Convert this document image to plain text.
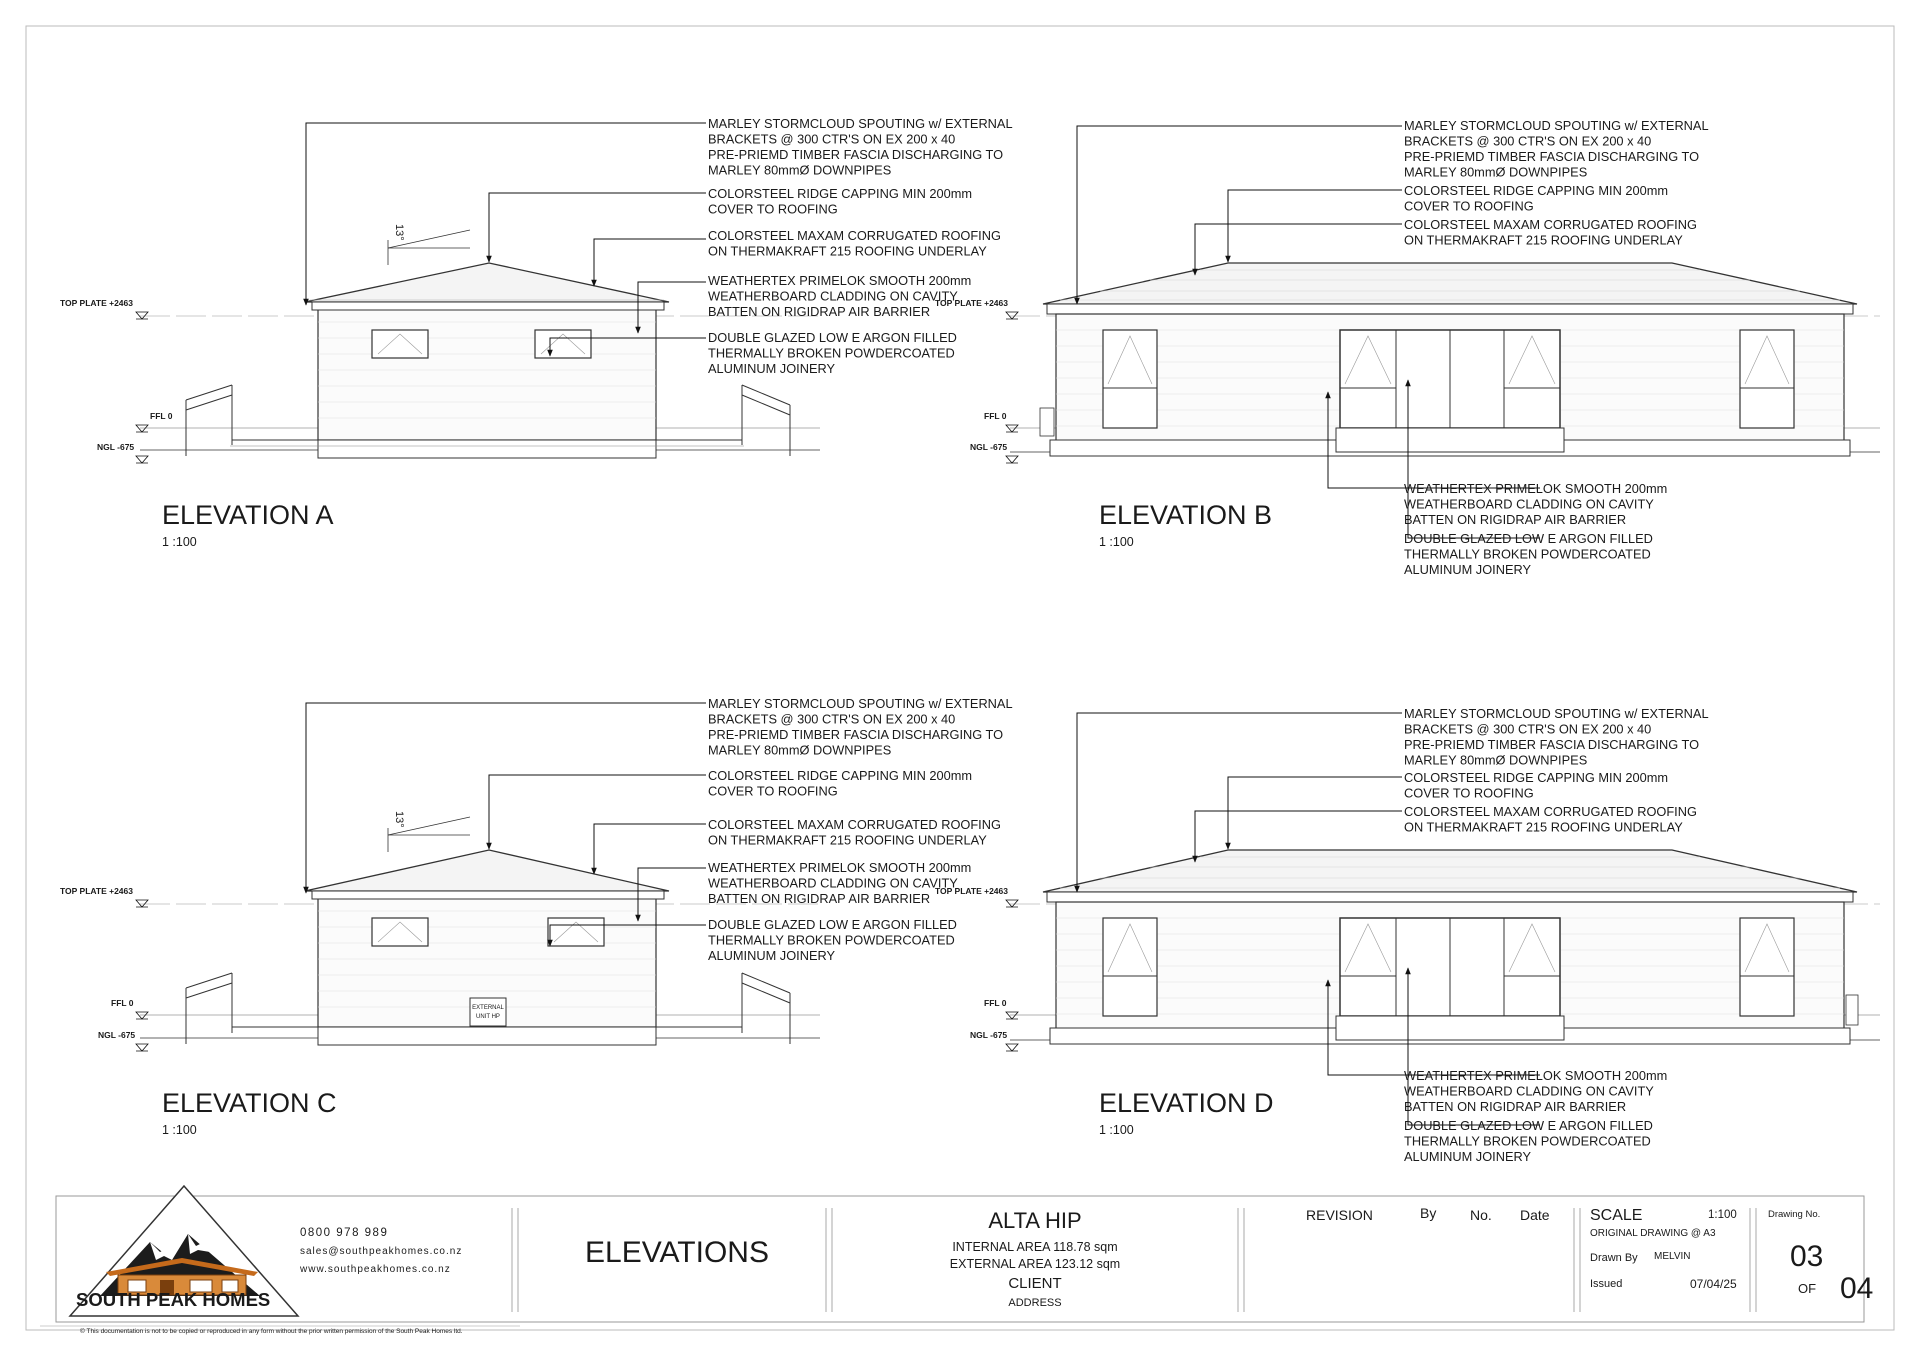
13°
EXTERNAL
UNIT HP
13°
MARLEY STORMCLOUD SPOUTING w/ EXTERNAL
BRACKETS @ 300 CTR'S ON EX 200 x 40
PRE-PRIEMD TIMBER FASCIA DISCHARGING TO
MARLEY 80mmØ DOWNPIPES
COLORSTEEL RIDGE CAPPING MIN 200mm
COVER TO ROOFING
COLORSTEEL MAXAM CORRUGATED ROOFING
ON THERMAKRAFT 215 ROOFING UNDERLAY
WEATHERTEX PRIMELOK SMOOTH 200mm
WEATHERBOARD CLADDING ON CAVITY
BATTEN ON RIGIDRAP AIR BARRIER
DOUBLE GLAZED LOW E ARGON FILLED
THERMALLY BROKEN POWDERCOATED
ALUMINUM JOINERY
ELEVATION A
1 :100
TOP PLATE +2463
FFL 0
NGL -675
MARLEY STORMCLOUD SPOUTING w/ EXTERNAL
BRACKETS @ 300 CTR'S ON EX 200 x 40
PRE-PRIEMD TIMBER FASCIA DISCHARGING TO
MARLEY 80mmØ DOWNPIPES
COLORSTEEL RIDGE CAPPING MIN 200mm
COVER TO ROOFING
COLORSTEEL MAXAM CORRUGATED ROOFING
ON THERMAKRAFT 215 ROOFING UNDERLAY
WEATHERTEX PRIMELOK SMOOTH 200mm
WEATHERBOARD CLADDING ON CAVITY
BATTEN ON RIGIDRAP AIR BARRIER
DOUBLE GLAZED LOW E ARGON FILLED
THERMALLY BROKEN POWDERCOATED
ALUMINUM JOINERY
ELEVATION B
1 :100
TOP PLATE +2463
FFL 0
NGL -675
MARLEY STORMCLOUD SPOUTING w/ EXTERNAL
BRACKETS @ 300 CTR'S ON EX 200 x 40
PRE-PRIEMD TIMBER FASCIA DISCHARGING TO
MARLEY 80mmØ DOWNPIPES
COLORSTEEL RIDGE CAPPING MIN 200mm
COVER TO ROOFING
COLORSTEEL MAXAM CORRUGATED ROOFING
ON THERMAKRAFT 215 ROOFING UNDERLAY
WEATHERTEX PRIMELOK SMOOTH 200mm
WEATHERBOARD CLADDING ON CAVITY
BATTEN ON RIGIDRAP AIR BARRIER
DOUBLE GLAZED LOW E ARGON FILLED
THERMALLY BROKEN POWDERCOATED
ALUMINUM JOINERY
ELEVATION C
1 :100
TOP PLATE +2463
FFL 0
NGL -675
MARLEY STORMCLOUD SPOUTING w/ EXTERNAL
BRACKETS @ 300 CTR'S ON EX 200 x 40
PRE-PRIEMD TIMBER FASCIA DISCHARGING TO
MARLEY 80mmØ DOWNPIPES
COLORSTEEL RIDGE CAPPING MIN 200mm
COVER TO ROOFING
COLORSTEEL MAXAM CORRUGATED ROOFING
ON THERMAKRAFT 215 ROOFING UNDERLAY
WEATHERTEX PRIMELOK SMOOTH 200mm
WEATHERBOARD CLADDING ON CAVITY
BATTEN ON RIGIDRAP AIR BARRIER
DOUBLE GLAZED LOW E ARGON FILLED
THERMALLY BROKEN POWDERCOATED
ALUMINUM JOINERY
ELEVATION D
1 :100
TOP PLATE +2463
FFL 0
NGL -675
SOUTH PEAK HOMES
0800 978 989
sales@southpeakhomes.co.nz
www.southpeakhomes.co.nz
ELEVATIONS
ALTA HIP
INTERNAL AREA 118.78 sqm
EXTERNAL AREA 123.12 sqm
CLIENT
ADDRESS
REVISION	By No. Date	SCALE	1:100
ORIGINAL DRAWING @ A3
Drawn By MELVIN
Issued	07/04/25
Drawing No.
03
OF 04
© This documentation is not to be copied or reproduced in any form without the prior written permission of the South Peak Homes ltd.
